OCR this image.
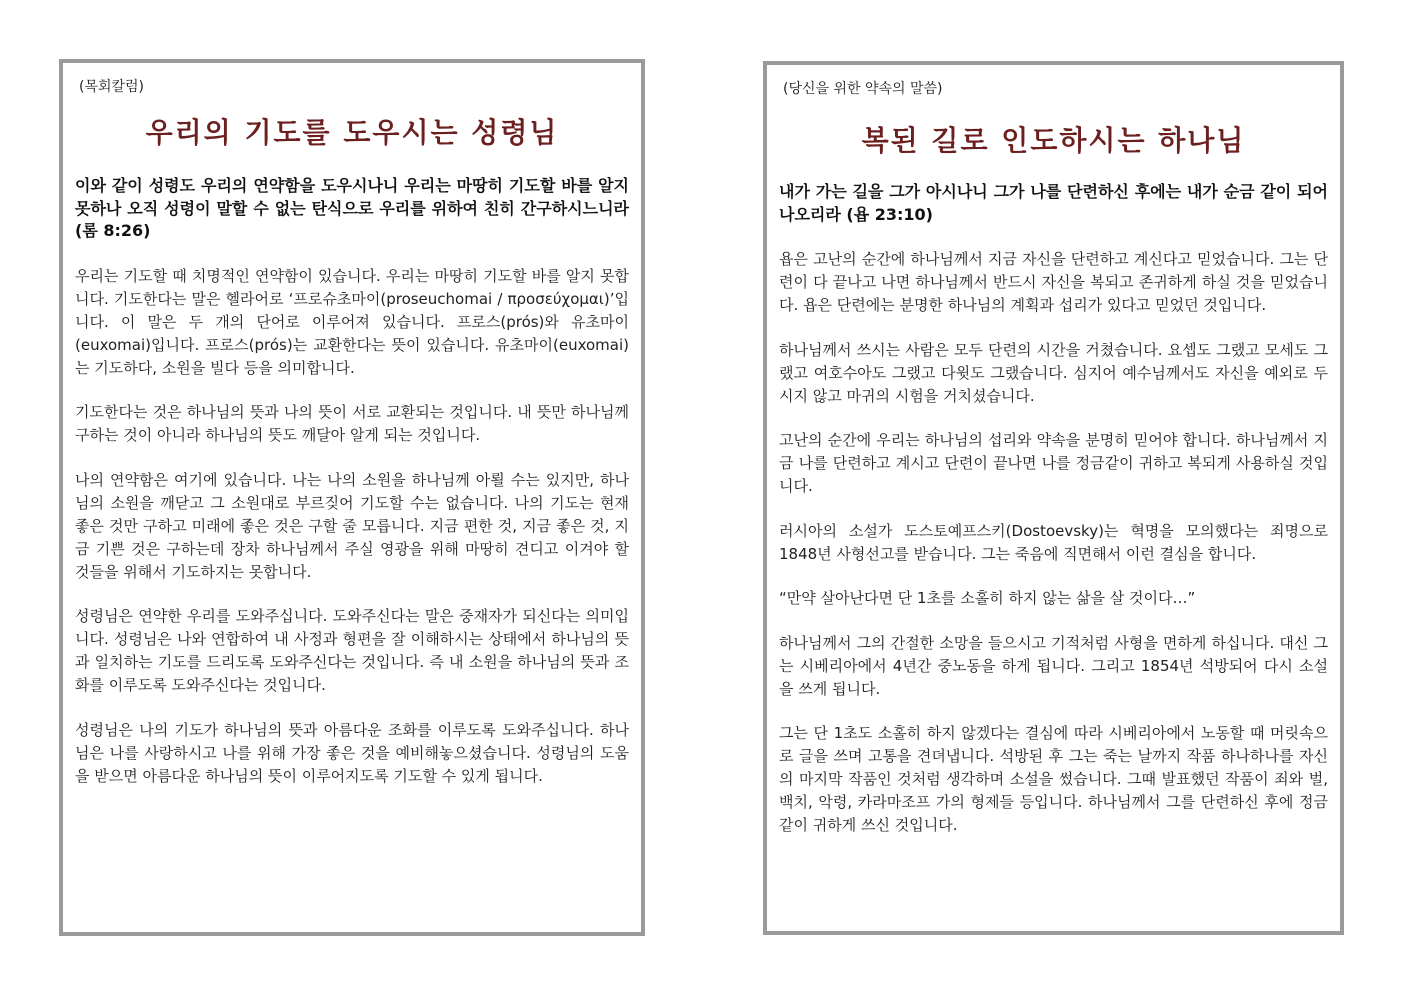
(목회칼럼)
우리의 기도를 도우시는 성령님
이와 같이 성령도 우리의 연약함을 도우시나니 우리는 마땅히 기도할 바를 알지 못하나 오직 성령이 말할 수 없는 탄식으로 우리를 위하여 친히 간구하시느니라 (롬 8:26)

우리는 기도할 때 치명적인 연약함이 있습니다. 우리는 마땅히 기도할 바를 알지 못합니다. 기도한다는 말은 헬라어로 ‘프로슈초마이(proseuchomai / προσεύχομαι)’입니다. 이 말은 두 개의 단어로 이루어져 있습니다. 프로스(prós)와 유초마이(euxomai)입니다. 프로스(prós)는 교환한다는 뜻이 있습니다. 유초마이(euxomai)는 기도하다, 소원을 빌다 등을 의미합니다.

기도한다는 것은 하나님의 뜻과 나의 뜻이 서로 교환되는 것입니다. 내 뜻만 하나님께 구하는 것이 아니라 하나님의 뜻도 깨달아 알게 되는 것입니다.

나의 연약함은 여기에 있습니다. 나는 나의 소원을 하나님께 아뢸 수는 있지만, 하나님의 소원을 깨닫고 그 소원대로 부르짖어 기도할 수는 없습니다. 나의 기도는 현재 좋은 것만 구하고 미래에 좋은 것은 구할 줄 모릅니다. 지금 편한 것, 지금 좋은 것, 지금 기쁜 것은 구하는데 장차 하나님께서 주실 영광을 위해 마땅히 견디고 이겨야 할 것들을 위해서 기도하지는 못합니다.

성령님은 연약한 우리를 도와주십니다. 도와주신다는 말은 중재자가 되신다는 의미입니다. 성령님은 나와 연합하여 내 사정과 형편을 잘 이해하시는 상태에서 하나님의 뜻과 일치하는 기도를 드리도록 도와주신다는 것입니다. 즉 내 소원을 하나님의 뜻과 조화를 이루도록 도와주신다는 것입니다.

성령님은 나의 기도가 하나님의 뜻과 아름다운 조화를 이루도록 도와주십니다. 하나님은 나를 사랑하시고 나를 위해 가장 좋은 것을 예비해놓으셨습니다. 성령님의 도움을 받으면 아름다운 하나님의 뜻이 이루어지도록 기도할 수 있게 됩니다.

(당신을 위한 약속의 말씀)
복된 길로 인도하시는 하나님
내가 가는 길을 그가 아시나니 그가 나를 단련하신 후에는 내가 순금 같이 되어 나오리라 (욥 23:10)

욥은 고난의 순간에 하나님께서 지금 자신을 단련하고 계신다고 믿었습니다. 그는 단련이 다 끝나고 나면 하나님께서 반드시 자신을 복되고 존귀하게 하실 것을 믿었습니다. 욥은 단련에는 분명한 하나님의 계획과 섭리가 있다고 믿었던 것입니다.

하나님께서 쓰시는 사람은 모두 단련의 시간을 거쳤습니다. 요셉도 그랬고 모세도 그랬고 여호수아도 그랬고 다윗도 그랬습니다. 심지어 예수님께서도 자신을 예외로 두시지 않고 마귀의 시험을 거치셨습니다.

고난의 순간에 우리는 하나님의 섭리와 약속을 분명히 믿어야 합니다. 하나님께서 지금 나를 단련하고 계시고 단련이 끝나면 나를 정금같이 귀하고 복되게 사용하실 것입니다.

러시아의 소설가 도스토예프스키(Dostoevsky)는 혁명을 모의했다는 죄명으로 1848년 사형선고를 받습니다. 그는 죽음에 직면해서 이런 결심을 합니다.

“만약 살아난다면 단 1초를 소홀히 하지 않는 삶을 살 것이다…”

하나님께서 그의 간절한 소망을 들으시고 기적처럼 사형을 면하게 하십니다. 대신 그는 시베리아에서 4년간 중노동을 하게 됩니다. 그리고 1854년 석방되어 다시 소설을 쓰게 됩니다.

그는 단 1초도 소홀히 하지 않겠다는 결심에 따라 시베리아에서 노동할 때 머릿속으로 글을 쓰며 고통을 견뎌냅니다. 석방된 후 그는 죽는 날까지 작품 하나하나를 자신의 마지막 작품인 것처럼 생각하며 소설을 썼습니다. 그때 발표했던 작품이 죄와 벌, 백치, 악령, 카라마조프 가의 형제들 등입니다. 하나님께서 그를 단련하신 후에 정금 같이 귀하게 쓰신 것입니다.
